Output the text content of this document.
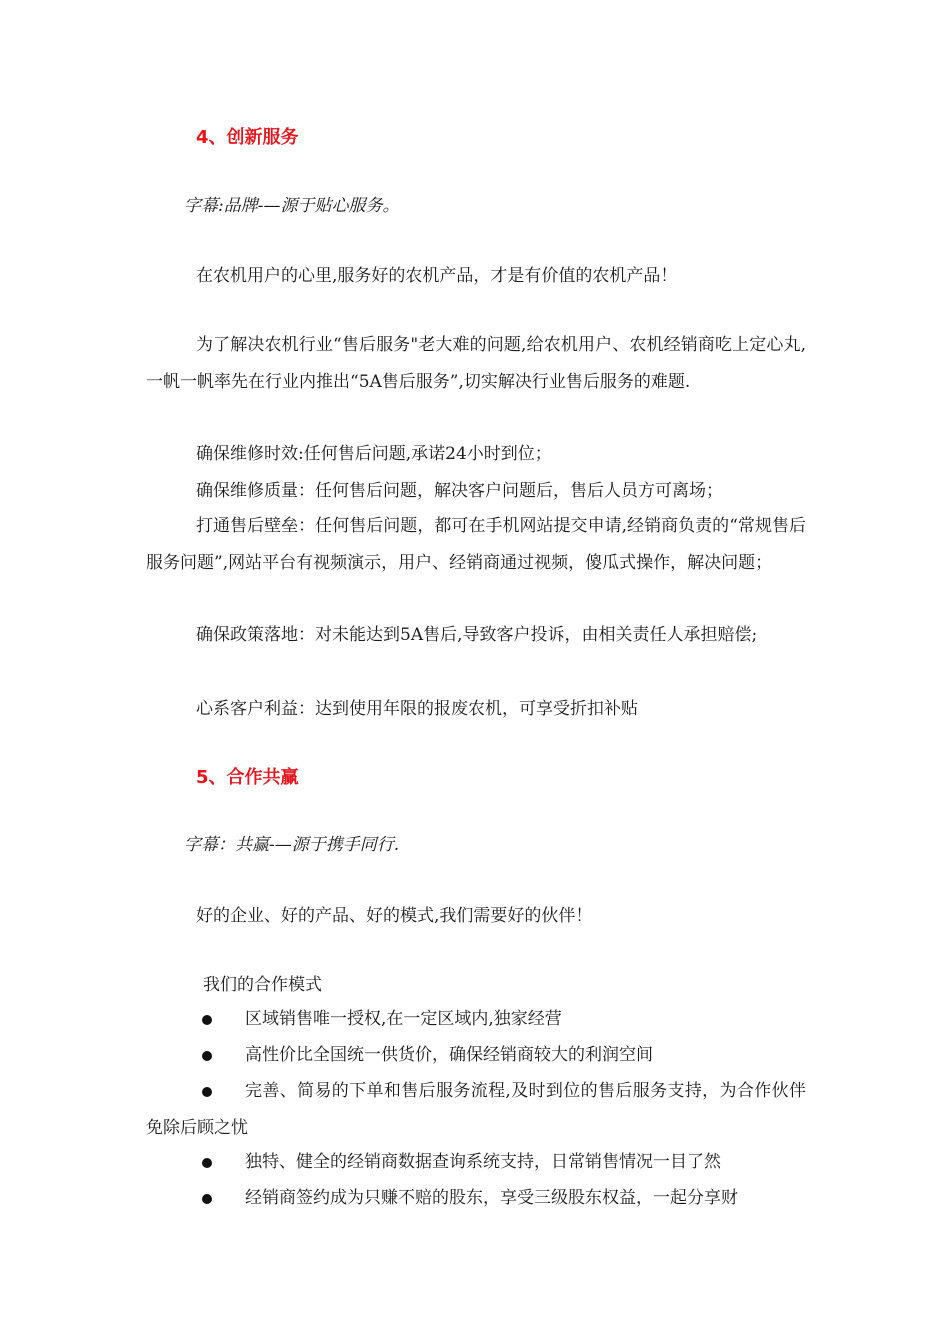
4、创新服务
字幕:品牌-—源于贴心服务。
在农机用户的心里,服务好的农机产品，才是有价值的农机产品！
为了解决农机行业“售后服务"老大难的问题,给农机用户、农机经销商吃上定心丸,一帆一帆率先在行业内推出“5A售后服务”,切实解决行业售后服务的难题.
确保维修时效:任何售后问题,承诺24小时到位；
确保维修质量：任何售后问题，解决客户问题后，售后人员方可离场；
打通售后壁垒：任何售后问题，都可在手机网站提交申请,经销商负责的“常规售后服务问题”,网站平台有视频演示，用户、经销商通过视频，傻瓜式操作，解决问题；
确保政策落地：对未能达到5A售后,导致客户投诉，由相关责任人承担赔偿;
心系客户利益：达到使用年限的报废农机，可享受折扣补贴
5、合作共赢
字幕：共赢-—源于携手同行.
好的企业、好的产品、好的模式,我们需要好的伙伴！
我们的合作模式
区域销售唯一授权,在一定区域内,独家经营
高性价比全国统一供货价，确保经销商较大的利润空间
完善、简易的下单和售后服务流程,及时到位的售后服务支持，为合作伙伴免除后顾之忧
独特、健全的经销商数据查询系统支持，日常销售情况一目了然
经销商签约成为只赚不赔的股东，享受三级股东权益，一起分享财
